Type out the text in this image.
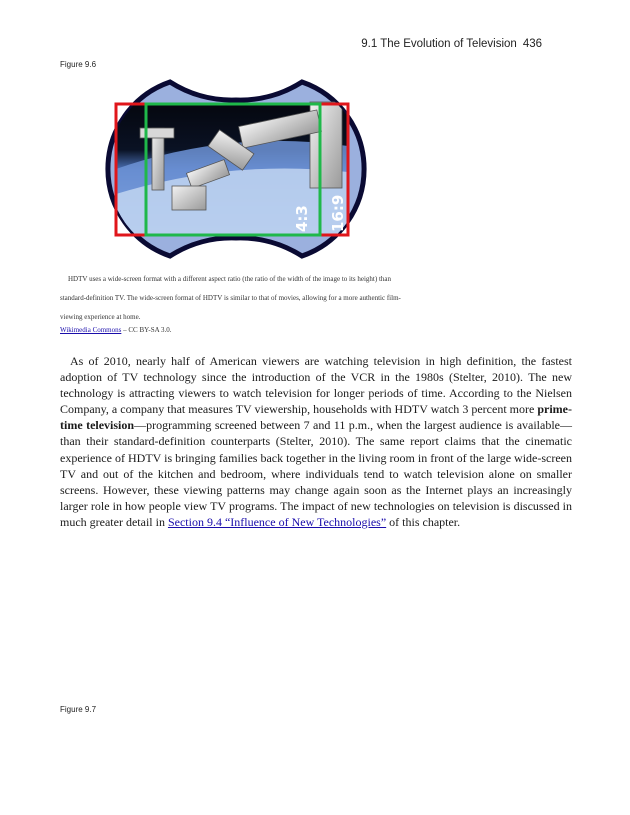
9.1 The Evolution of Television 436
Figure 9.6
4:3 16:9

HDTV uses a wide-screen format with a different aspect ratio (the ratio of the width of the image to its height) than standard-definition TV. The wide-screen format of HDTV is similar to that of movies, allowing for a more authentic film-viewing experience at home.

Wikimedia Commons – CC BY-SA 3.0.

As of 2010, nearly half of American viewers are watching television in high definition, the fastest adoption of TV technology since the introduction of the VCR in the 1980s (Stelter, 2010). The new technology is attracting viewers to watch television for longer periods of time. According to the Nielsen Company, a company that measures TV viewership, households with HDTV watch 3 percent more prime-time television—programming screened between 7 and 11 p.m., when the largest audience is available—than their standard-definition counterparts (Stelter, 2010). The same report claims that the cinematic experience of HDTV is bringing families back together in the living room in front of the large wide-screen TV and out of the kitchen and bedroom, where individuals tend to watch television alone on smaller screens. However, these viewing patterns may change again soon as the Internet plays an increasingly larger role in how people view TV programs. The impact of new technologies on television is discussed in much greater detail in Section 9.4 “Influence of New Technologies” of this chapter.

Figure 9.7
